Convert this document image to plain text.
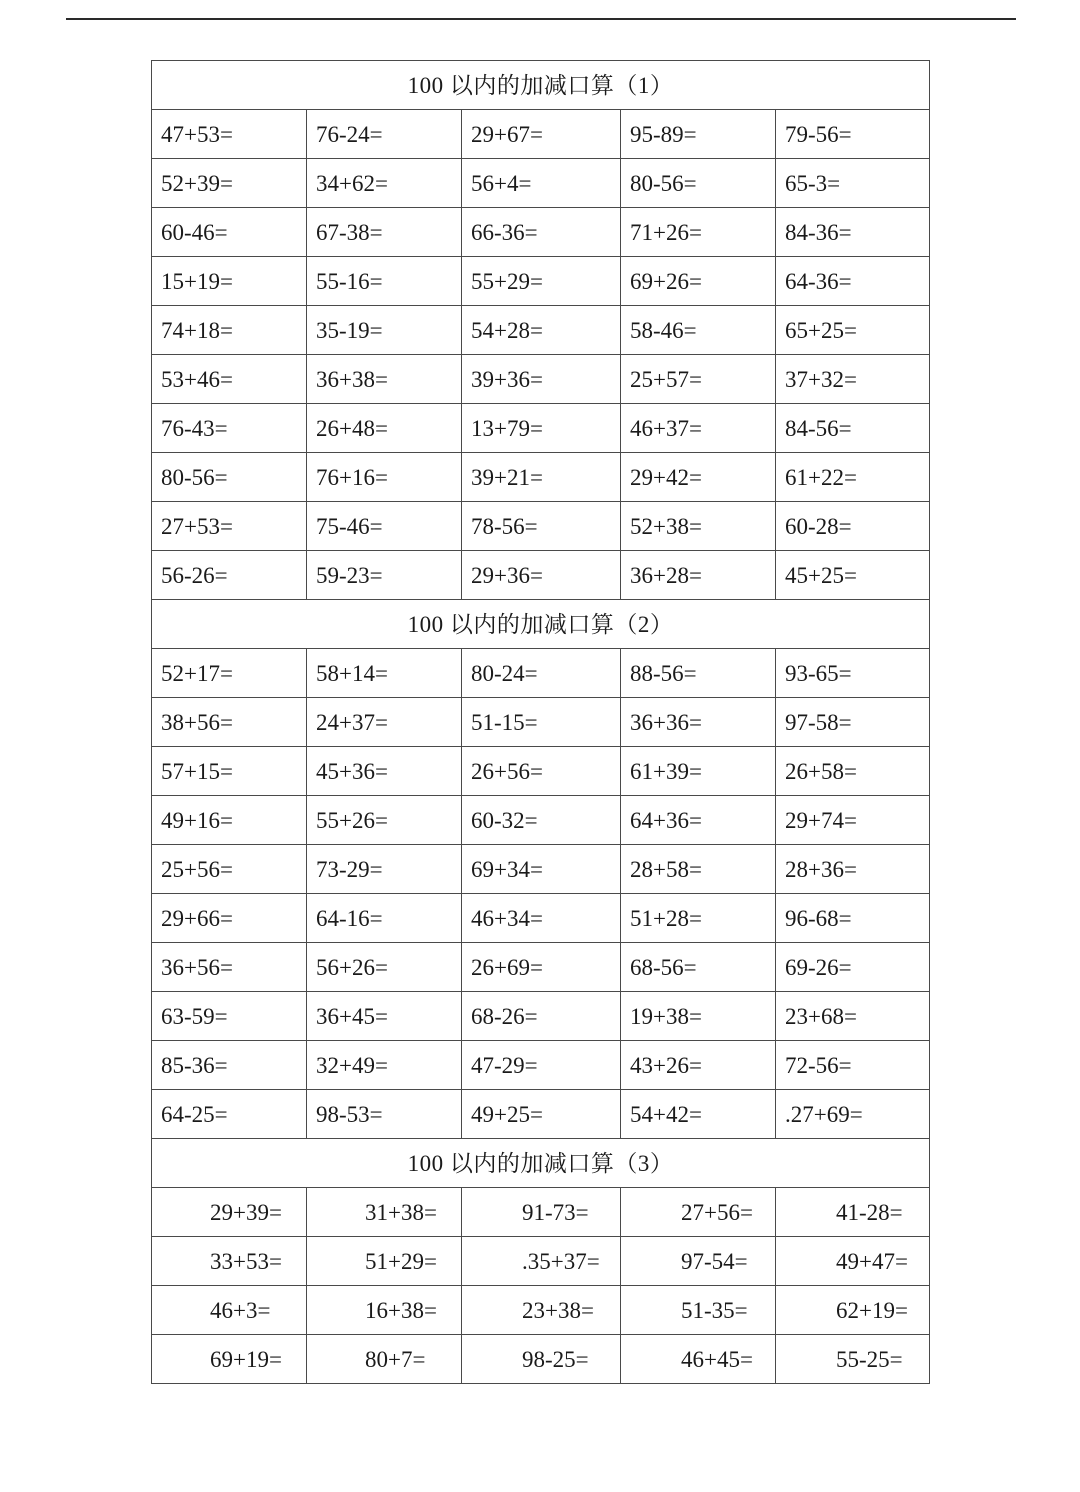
100 以内的加减口算（1）				
47+53=	76-24=	29+67=	95-89=	79-56=
52+39=	34+62=	56+4=	80-56=	65-3=
60-46=	67-38=	66-36=	71+26=	84-36=
15+19=	55-16=	55+29=	69+26=	64-36=
74+18=	35-19=	54+28=	58-46=	65+25=
53+46=	36+38=	39+36=	25+57=	37+32=
76-43=	26+48=	13+79=	46+37=	84-56=
80-56=	76+16=	39+21=	29+42=	61+22=
27+53=	75-46=	78-56=	52+38=	60-28=
56-26=	59-23=	29+36=	36+28=	45+25=
100 以内的加减口算（2）				
52+17=	58+14=	80-24=	88-56=	93-65=
38+56=	24+37=	51-15=	36+36=	97-58=
57+15=	45+36=	26+56=	61+39=	26+58=
49+16=	55+26=	60-32=	64+36=	29+74=
25+56=	73-29=	69+34=	28+58=	28+36=
29+66=	64-16=	46+34=	51+28=	96-68=
36+56=	56+26=	26+69=	68-56=	69-26=
63-59=	36+45=	68-26=	19+38=	23+68=
85-36=	32+49=	47-29=	43+26=	72-56=
64-25=	98-53=	49+25=	54+42=	.27+69=
100 以内的加减口算（3）				
29+39=	31+38=	91-73=	27+56=	41-28=
33+53=	51+29=	.35+37=	97-54=	49+47=
46+3=	16+38=	23+38=	51-35=	62+19=
69+19=	80+7=	98-25=	46+45=	55-25=
